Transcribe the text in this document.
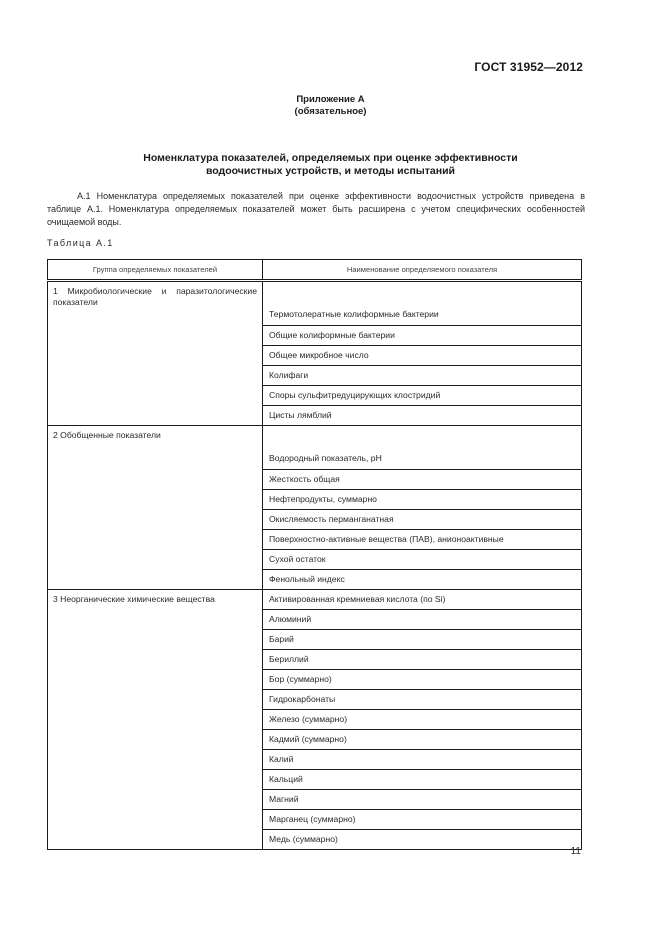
ГОСТ 31952—2012
Приложение А
(обязательное)
Номенклатура показателей, определяемых при оценке эффективности
водоочистных устройств, и методы испытаний

А.1 Номенклатура определяемых показателей при оценке эффективности водоочистных устройств приведена в таблице А.1. Номенклатура определяемых показателей может быть расширена с учетом специфических особенностей очищаемой воды.

Таблица А.1
Группа определяемых показателей	Наименование определяемого показателя
1 Микробиологические и паразитологические показатели	Термотолератные колиформные бактерии
	Общие колиформные бактерии
	Общее микробное число
	Колифаги
	Споры сульфитредуцирующих клостридий
	Цисты лямблий
2 Обобщенные показатели	Водородный показатель, pH
	Жесткость общая
	Нефтепродукты, суммарно
	Окисляемость перманганатная
	Поверхностно-активные вещества (ПАВ), анионоактивные
	Сухой остаток
	Фенольный индекс
3 Неорганические химические вещества	Активированная кремниевая кислота (по Si)
	Алюминий
	Барий
	Бериллий
	Бор (суммарно)
	Гидрокарбонаты
	Железо (суммарно)
	Кадмий (суммарно)
	Калий
	Кальций
	Магний
	Марганец (суммарно)
	Медь (суммарно)
11
